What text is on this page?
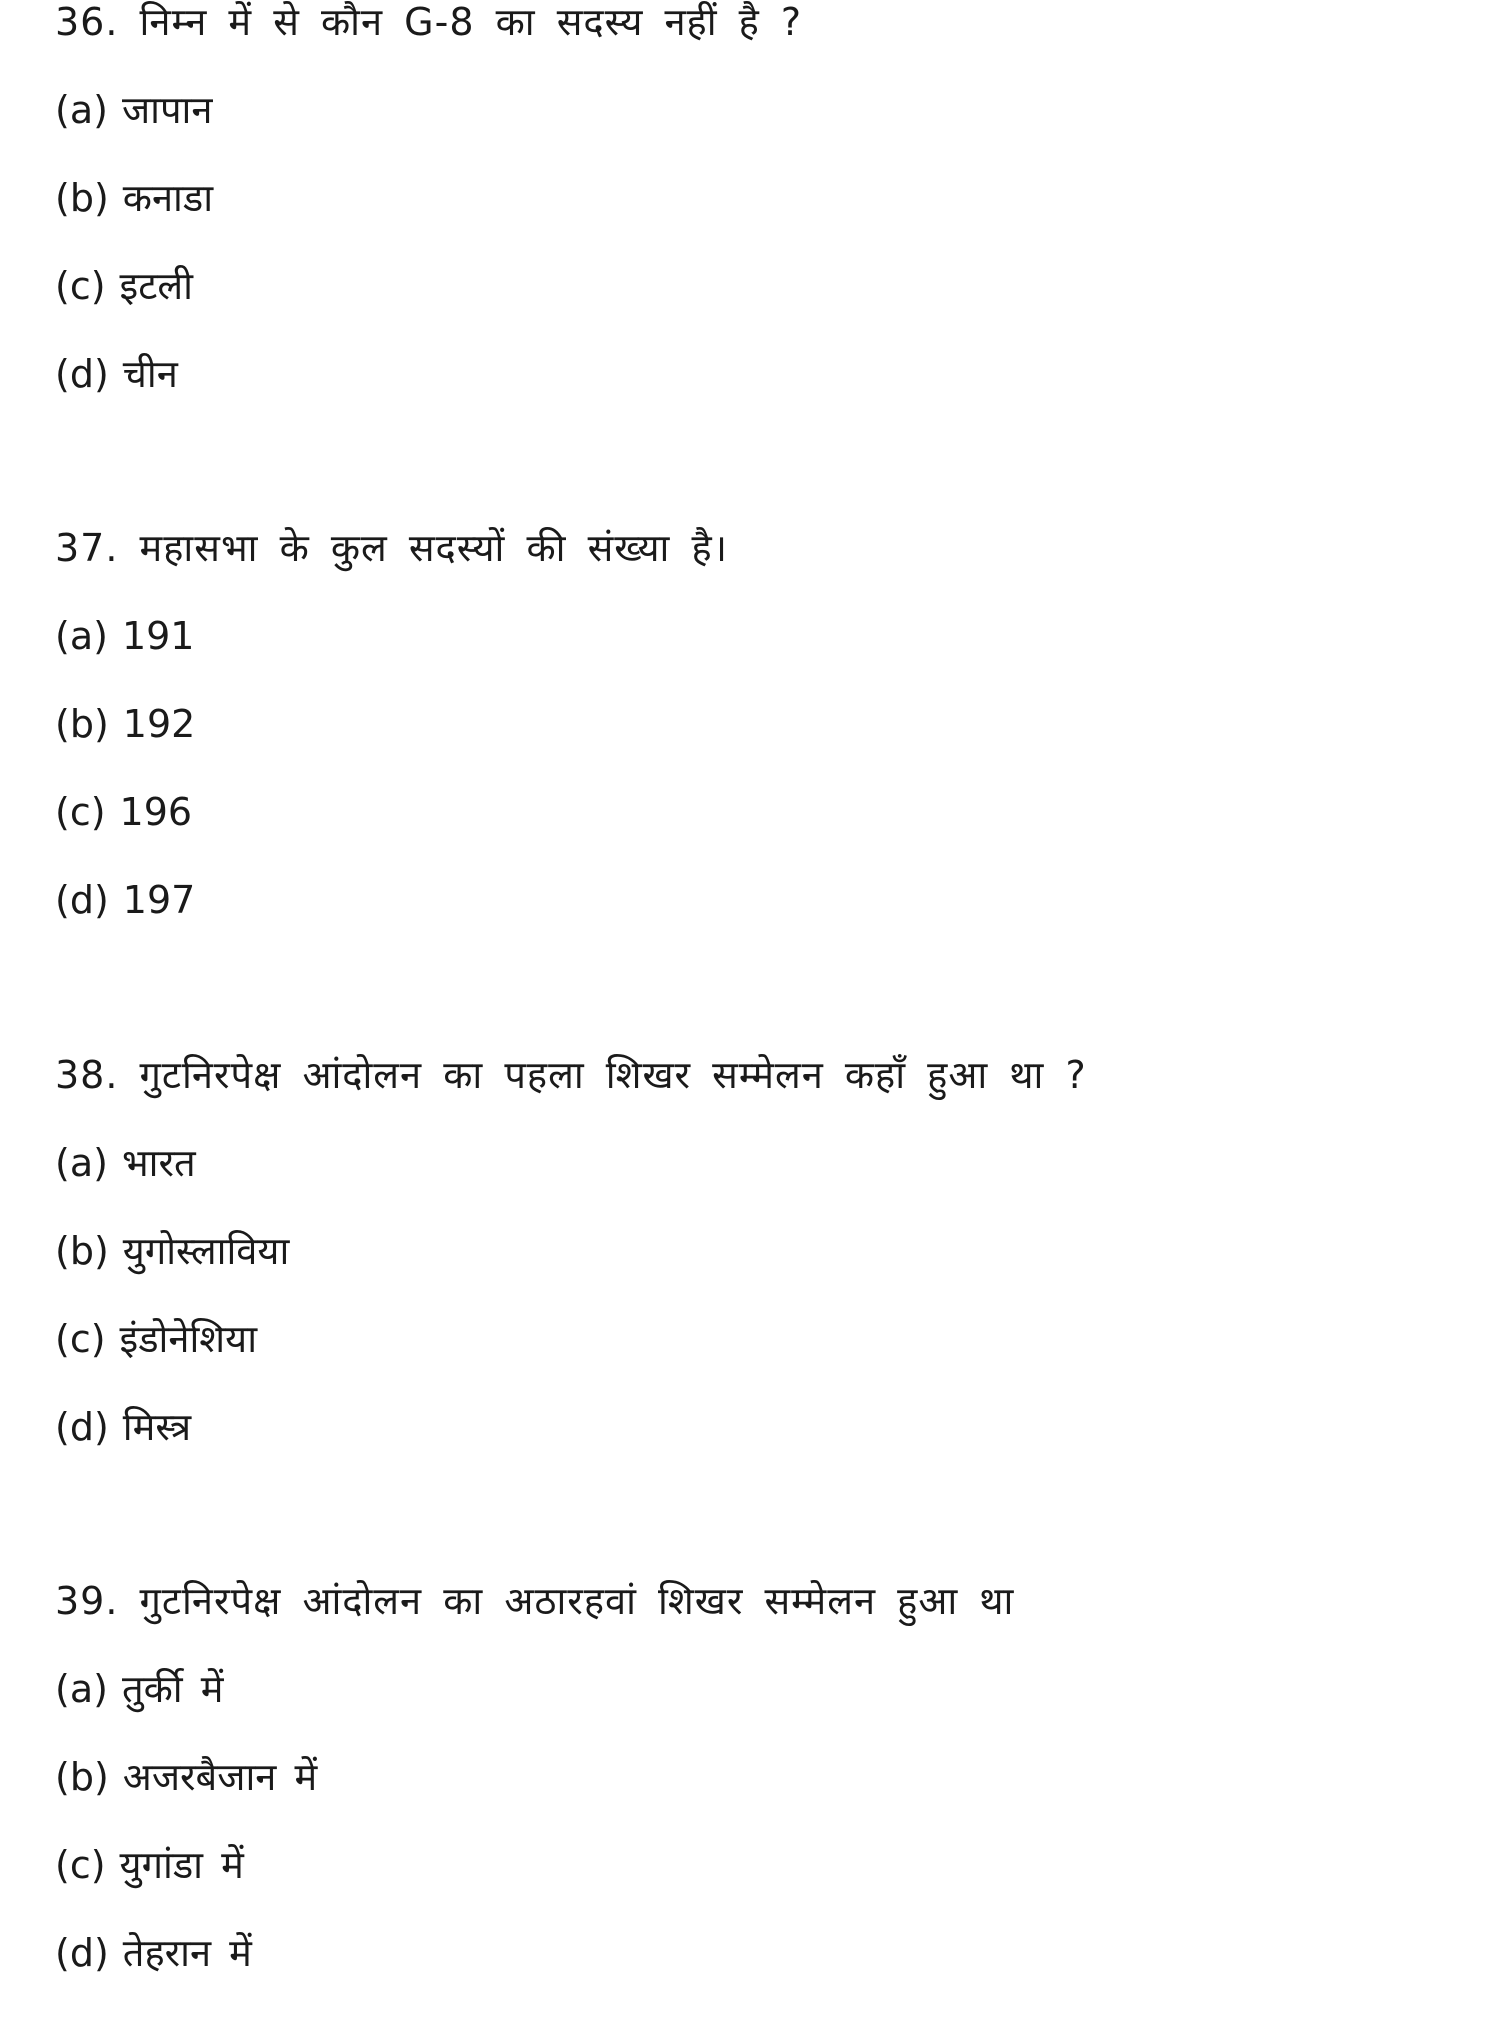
36. निम्न में से कौन G-8 का सदस्य नहीं है ?
(a) जापान
(b) कनाडा
(c) इटली
(d) चीन
37. महासभा के कुल सदस्यों की संख्या है।
(a) 191
(b) 192
(c) 196
(d) 197
38. गुटनिरपेक्ष आंदोलन का पहला शिखर सम्मेलन कहाँ हुआ था ?
(a) भारत
(b) युगोस्लाविया
(c) इंडोनेशिया
(d) मिस्त्र
39. गुटनिरपेक्ष आंदोलन का अठारहवां शिखर सम्मेलन हुआ था
(a) तुर्की में
(b) अजरबैजान में
(c) युगांडा में
(d) तेहरान में
